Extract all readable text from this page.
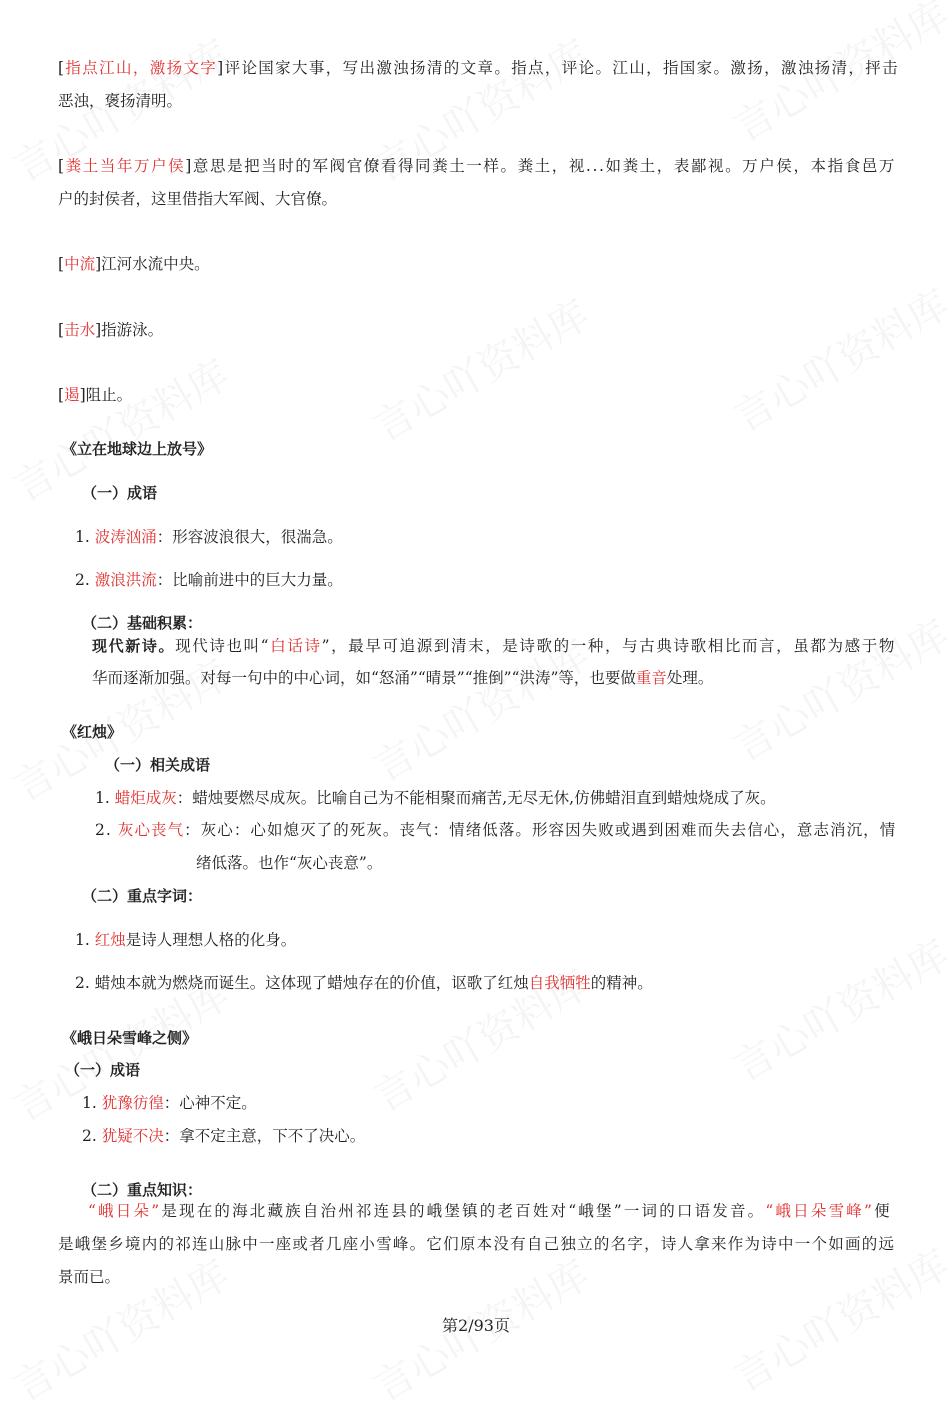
[指点江山，激扬文字]评论国家大事，写出激浊扬清的文章。指点，评论。江山，指国家。激扬，激浊扬清，抨击
恶浊，褒扬清明。
[粪土当年万户侯]意思是把当时的军阀官僚看得同粪土一样。粪土，视...如粪土，表鄙视。万户侯，本指食邑万
户的封侯者，这里借指大军阀、大官僚。
[中流]江河水流中央。
[击水]指游泳。
[遏]阻止。
《立在地球边上放号》
（一）成语
1. 波涛汹涌：形容波浪很大，很湍急。
2. 激浪洪流：比喻前进中的巨大力量。
（二）基础积累：
现代新诗。现代诗也叫“白话诗”，最早可追源到清末，是诗歌的一种，与古典诗歌相比而言，虽都为感于物
华而逐渐加强。对每一句中的中心词，如“怒涌”“晴景”“推倒”“洪涛”等，也要做重音处理。
《红烛》
（一）相关成语
1. 蜡炬成灰：蜡烛要燃尽成灰。比喻自己为不能相聚而痛苦,无尽无休,仿佛蜡泪直到蜡烛烧成了灰。
2. 灰心丧气：灰心：心如熄灭了的死灰。丧气：情绪低落。形容因失败或遇到困难而失去信心，意志消沉，情
绪低落。也作“灰心丧意”。
（二）重点字词：
1. 红烛是诗人理想人格的化身。
2. 蜡烛本就为燃烧而诞生。这体现了蜡烛存在的价值，讴歌了红烛自我牺牲的精神。
《峨日朵雪峰之侧》
（一）成语
1. 犹豫彷徨：心神不定。
2. 犹疑不决：拿不定主意，下不了决心。
（二）重点知识：
“峨日朵”是现在的海北藏族自治州祁连县的峨堡镇的老百姓对“峨堡”一词的口语发音。“峨日朵雪峰”便
是峨堡乡境内的祁连山脉中一座或者几座小雪峰。它们原本没有自己独立的名字，诗人拿来作为诗中一个如画的远
景而已。
第2/93页
